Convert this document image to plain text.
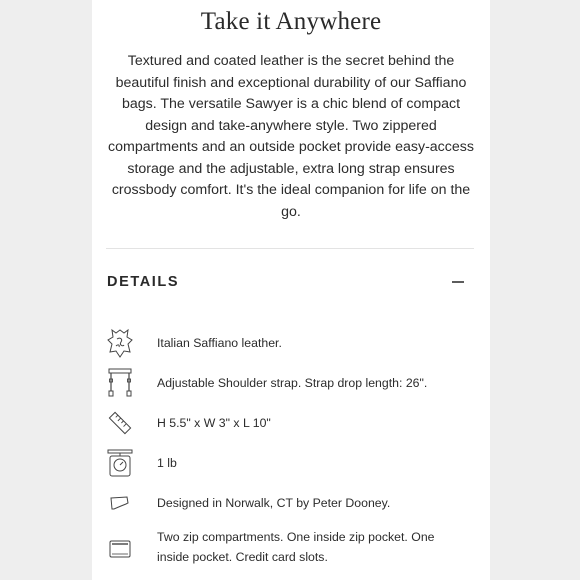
Take it Anywhere
Textured and coated leather is the secret behind the beautiful finish and exceptional durability of our Saffiano bags. The versatile Sawyer is a chic blend of compact design and take-anywhere style. Two zippered compartments and an outside pocket provide easy-access storage and the adjustable, extra long strap ensures crossbody comfort. It's the ideal companion for life on the go.
DETAILS
Italian Saffiano leather.
Adjustable Shoulder strap. Strap drop length: 26".
H 5.5" x W 3" x L 10"
1 lb
Designed in Norwalk, CT by Peter Dooney.
Two zip compartments. One inside zip pocket. One inside pocket. Credit card slots.
